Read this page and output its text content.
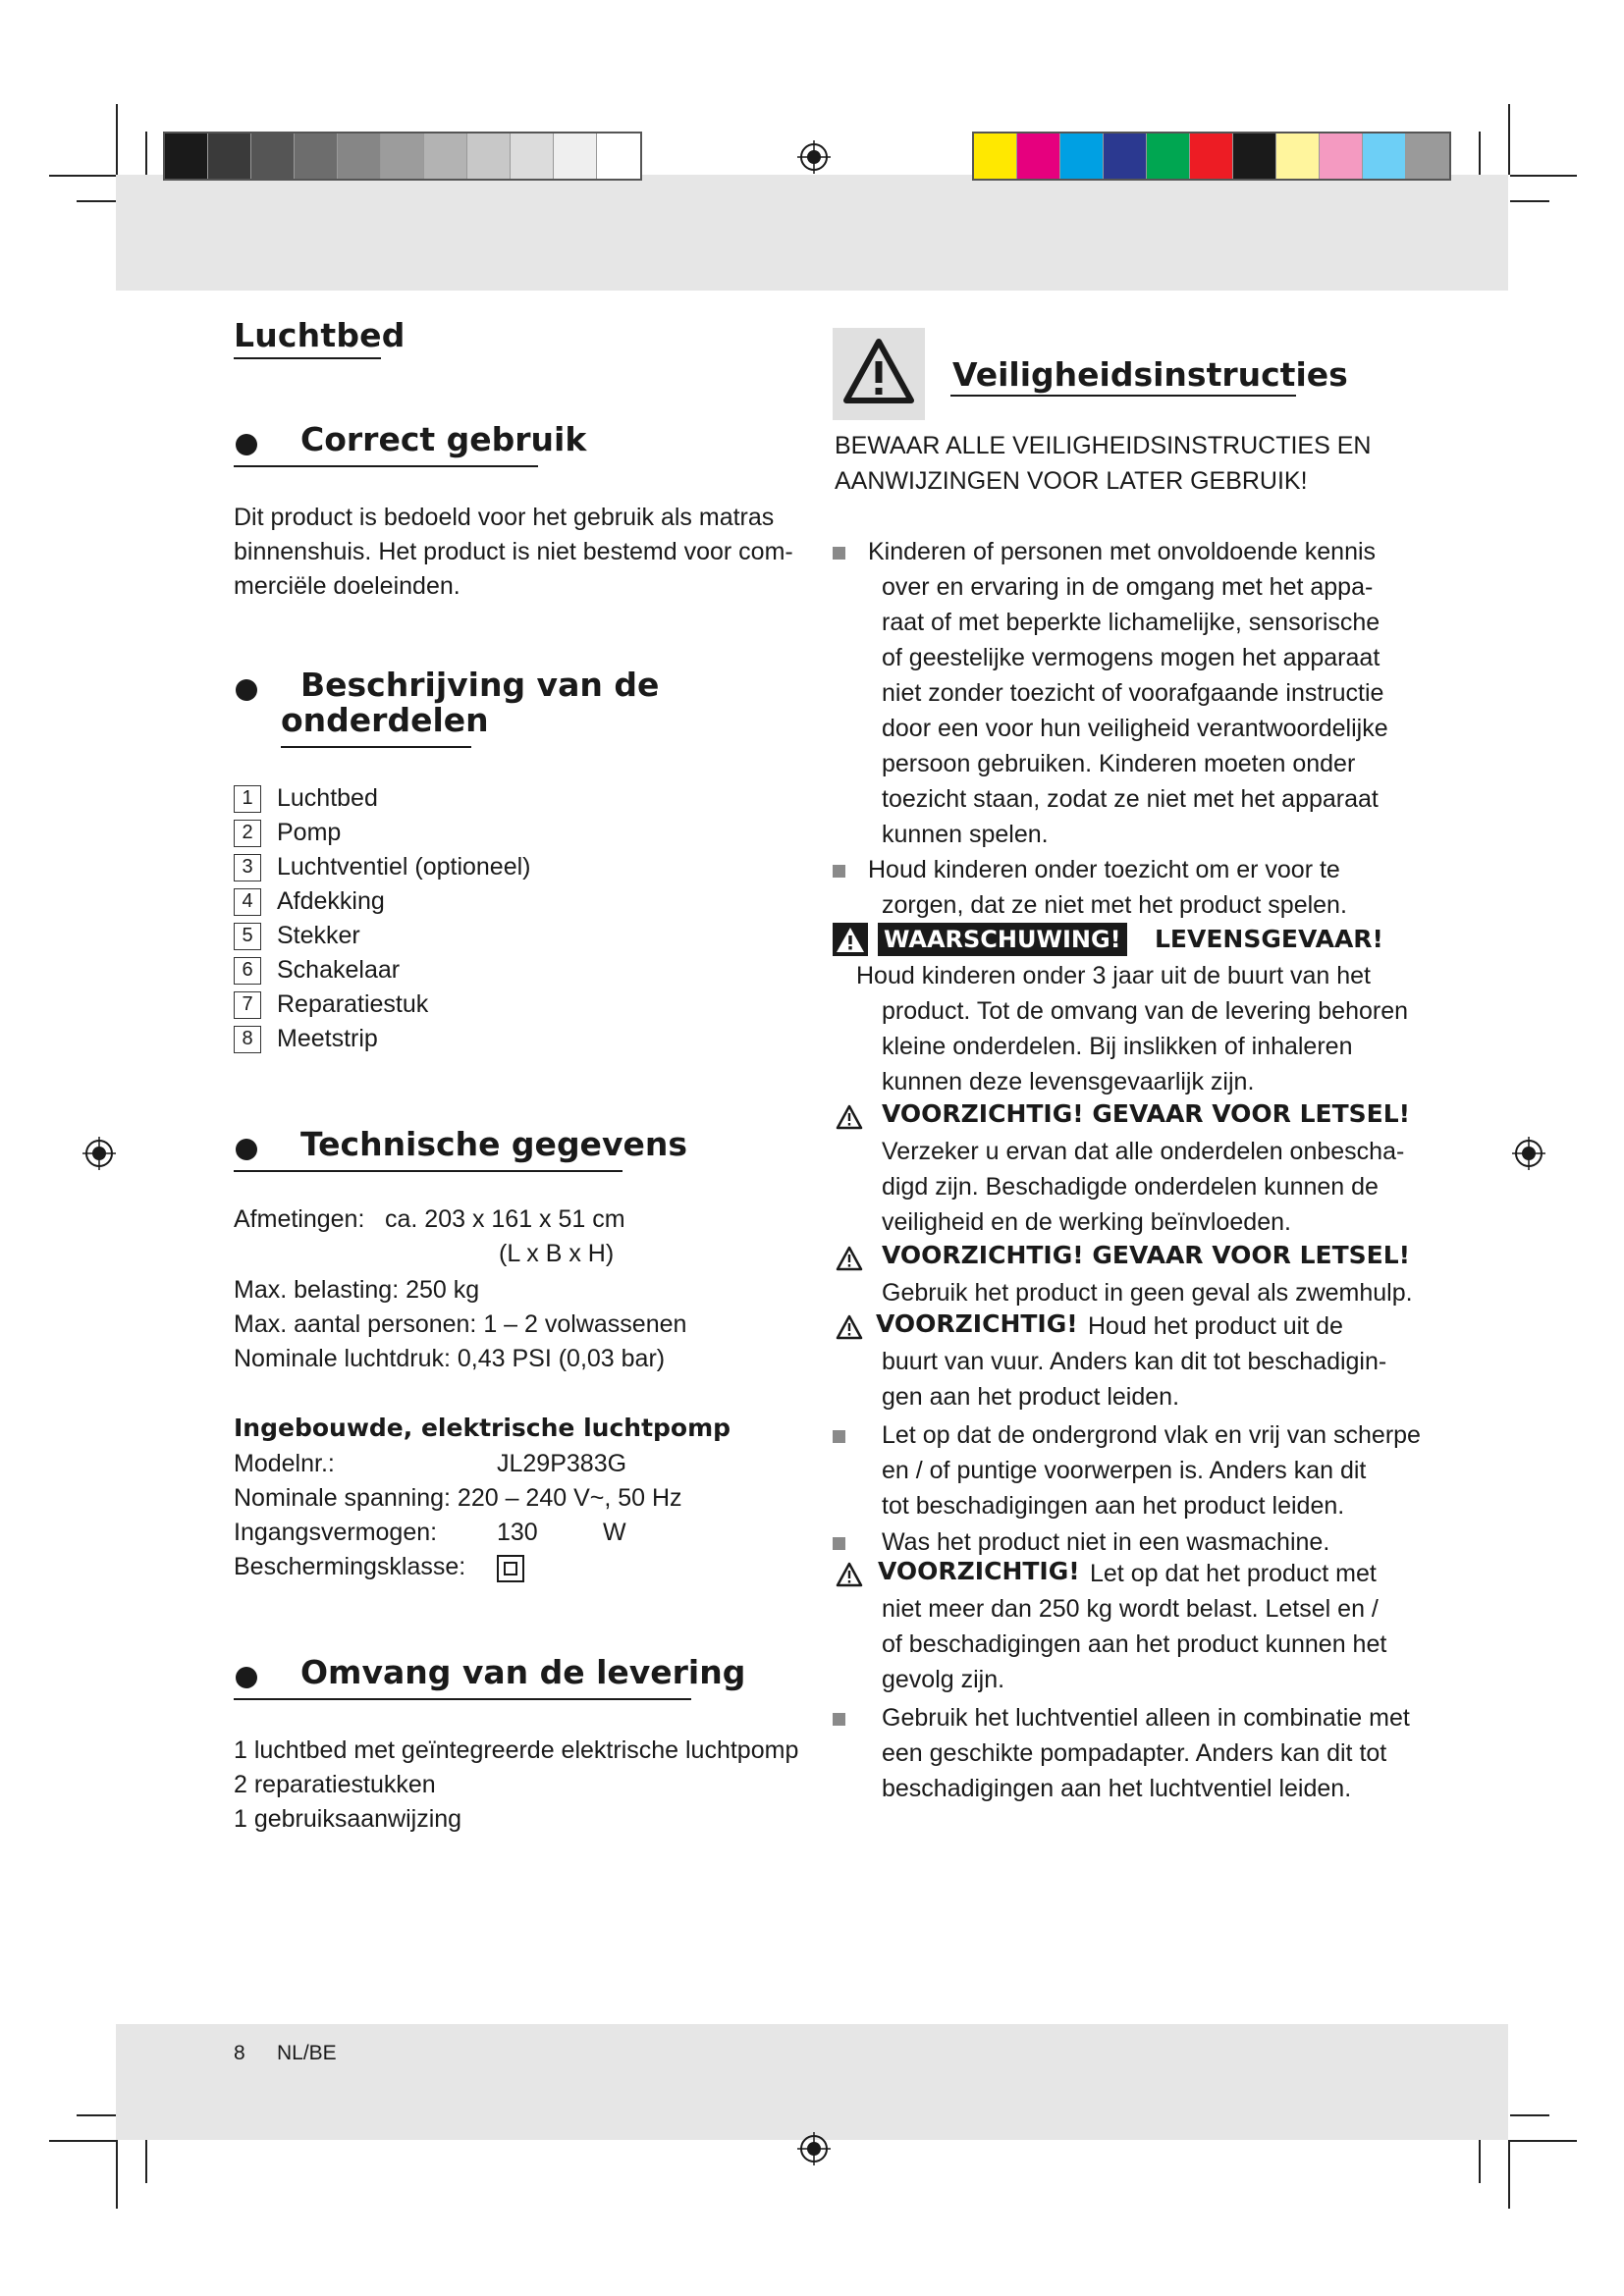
Luchtbed
Correct gebruik
Dit product is bedoeld voor het gebruik als matras
binnenshuis. Het product is niet bestemd voor com-
merciële doeleinden.
Beschrijving van de
onderdelen
1 Luchtbed
2 Pomp
3 Luchtventiel (optioneel)
4 Afdekking
5 Stekker
6 Schakelaar
7 Reparatiestuk
8 Meetstrip
Technische gegevens
Afmetingen: ca. 203 x 161 x 51 cm
(L x B x H)
Max. belasting: 250 kg
Max. aantal personen: 1 – 2 volwassenen
Nominale luchtdruk: 0,43 PSI (0,03 bar)
Ingebouwde, elektrische luchtpomp
Modelnr.:	JL29P383G
Nominale spanning: 220 – 240 V~, 50 Hz
Ingangsvermogen: 130	W
Beschermingsklasse:
Omvang van de levering
1 luchtbed met geïntegreerde elektrische luchtpomp
2 reparatiestukken
1 gebruiksaanwijzing
Veiligheidsinstructies
BEWAAR ALLE VEILIGHEIDSINSTRUCTIES EN
AANWIJZINGEN VOOR LATER GEBRUIK!
Kinderen of personen met onvoldoende kennis
over en ervaring in de omgang met het appa-
raat of met beperkte lichamelijke, sensorische
of geestelijke vermogens mogen het apparaat
niet zonder toezicht of voorafgaande instructie
door een voor hun veiligheid verantwoordelijke
persoon gebruiken. Kinderen moeten onder
toezicht staan, zodat ze niet met het apparaat
kunnen spelen.
Houd kinderen onder toezicht om er voor te
zorgen, dat ze niet met het product spelen.
WAARSCHUWING! LEVENSGEVAAR!
Houd kinderen onder 3 jaar uit de buurt van het
product. Tot de omvang van de levering behoren
kleine onderdelen. Bij inslikken of inhaleren
kunnen deze levensgevaarlijk zijn.
VOORZICHTIG! GEVAAR VOOR LETSEL!
Verzeker u ervan dat alle onderdelen onbescha-
digd zijn. Beschadigde onderdelen kunnen de
veiligheid en de werking beïnvloeden.
VOORZICHTIG! GEVAAR VOOR LETSEL!
Gebruik het product in geen geval als zwemhulp.
VOORZICHTIG! Houd het product uit de
buurt van vuur. Anders kan dit tot beschadigin-
gen aan het product leiden.
Let op dat de ondergrond vlak en vrij van scherpe
en / of puntige voorwerpen is. Anders kan dit
tot beschadigingen aan het product leiden.
Was het product niet in een wasmachine.
VOORZICHTIG! Let op dat het product met
niet meer dan 250 kg wordt belast. Letsel en /
of beschadigingen aan het product kunnen het
gevolg zijn.
Gebruik het luchtventiel alleen in combinatie met
een geschikte pompadapter. Anders kan dit tot
beschadigingen aan het luchtventiel leiden.
8 NL/BE
